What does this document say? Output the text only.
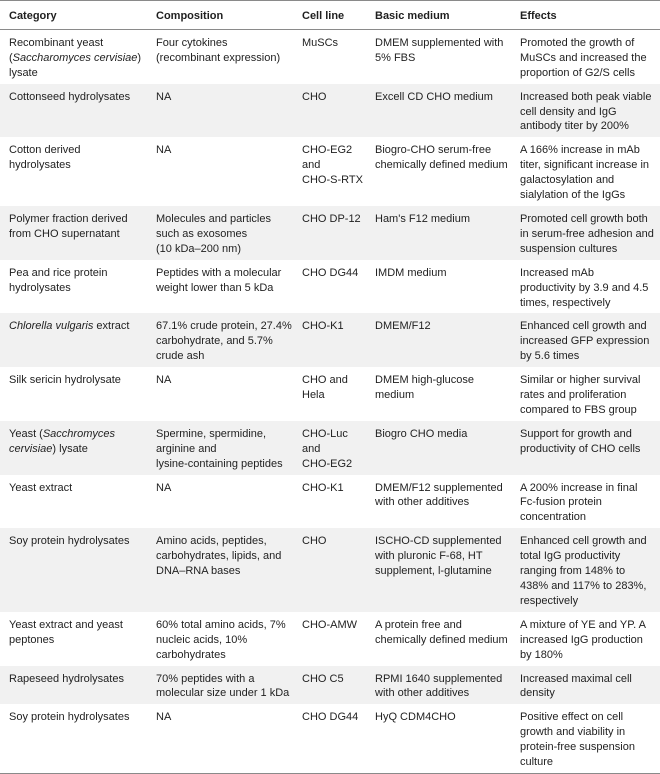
Category	Composition	Cell line	Basic medium	Effects

Recombinant yeast
(Saccharomyces cervisiae)
lysate	Four cytokines
(recombinant expression)	MuSCs	DMEM supplemented with
5% FBS	Promoted the growth of
MuSCs and increased the
proportion of G2/S cells

Cottonseed hydrolysates	NA	CHO	Excell CD CHO medium	Increased both peak viable
cell density and IgG
antibody titer by 200%

Cotton derived
hydrolysates	NA	CHO-EG2
and
CHO-S-RTX	Biogro-CHO serum-free
chemically defined medium	A 166% increase in mAb
titer, significant increase in
galactosylation and
sialylation of the IgGs

Polymer fraction derived
from CHO supernatant	Molecules and particles
such as exosomes
(10 kDa–200 nm)	CHO DP-12	Ham's F12 medium	Promoted cell growth both
in serum-free adhesion and
suspension cultures

Pea and rice protein
hydrolysates	Peptides with a molecular
weight lower than 5 kDa	CHO DG44	IMDM medium	Increased mAb
productivity by 3.9 and 4.5
times, respectively

Chlorella vulgaris extract	67.1% crude protein, 27.4%
carbohydrate, and 5.7%
crude ash	CHO-K1	DMEM/F12	Enhanced cell growth and
increased GFP expression
by 5.6 times

Silk sericin hydrolysate	NA	CHO and
Hela	DMEM high-glucose
medium	Similar or higher survival
rates and proliferation
compared to FBS group

Yeast (Sacchromyces
cervisiae) lysate	Spermine, spermidine,
arginine and
lysine-containing peptides	CHO-Luc
and
CHO-EG2	Biogro CHO media	Support for growth and
productivity of CHO cells

Yeast extract	NA	CHO-K1	DMEM/F12 supplemented
with other additives	A 200% increase in final
Fc-fusion protein
concentration

Soy protein hydrolysates	Amino acids, peptides,
carbohydrates, lipids, and
DNA–RNA bases	CHO	ISCHO-CD supplemented
with pluronic F-68, HT
supplement, l-glutamine	Enhanced cell growth and
total IgG productivity
ranging from 148% to
438% and 117% to 283%,
respectively

Yeast extract and yeast
peptones	60% total amino acids, 7%
nucleic acids, 10%
carbohydrates	CHO-AMW	A protein free and
chemically defined medium	A mixture of YE and YP. A
increased IgG production
by 180%

Rapeseed hydrolysates	70% peptides with a
molecular size under 1 kDa	CHO C5	RPMI 1640 supplemented
with other additives	Increased maximal cell
density

Soy protein hydrolysates	NA	CHO DG44	HyQ CDM4CHO	Positive effect on cell
growth and viability in
protein-free suspension
culture
